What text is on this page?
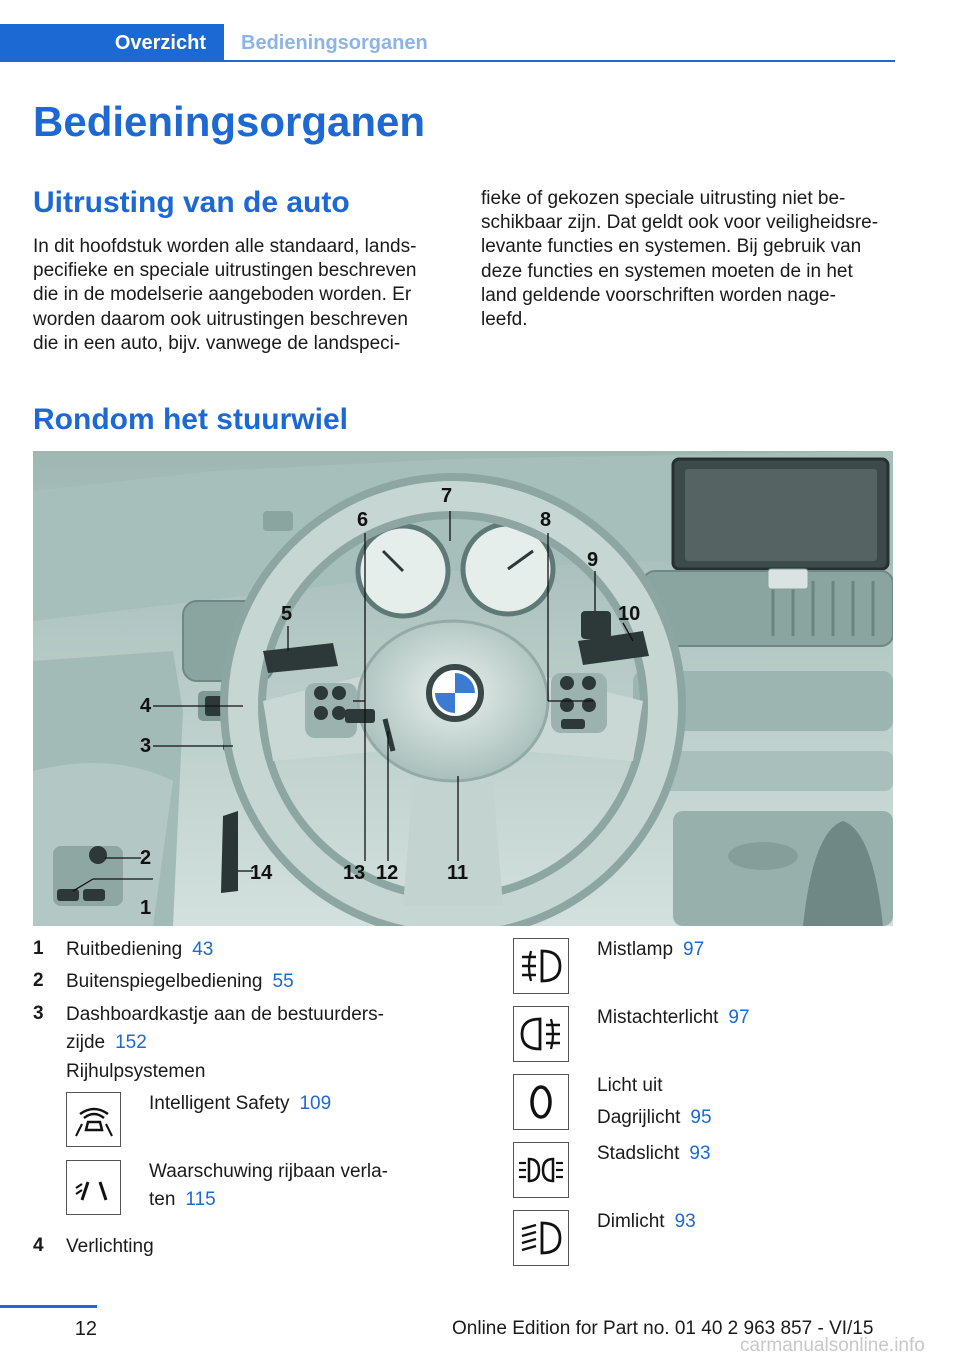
Overzicht	Bedieningsorganen
Bedieningsorganen
Uitrusting van de auto
In dit hoofdstuk worden alle standaard, lands-
pecifieke en speciale uitrustingen beschreven
die in de modelserie aangeboden worden. Er
worden daarom ook uitrustingen beschreven
die in een auto, bijv. vanwege de landspeci-
fieke of gekozen speciale uitrusting niet be-
schikbaar zijn. Dat geldt ook voor veiligheidsre-
levante functies en systemen. Bij gebruik van
deze functies en systemen moeten de in het
land geldende voorschriften worden nage-
leefd.
Rondom het stuurwiel
1
2
3
4
5
6
7
8
9
10
11
12
13
14
1 Ruitbediening 43
2 Buitenspiegelbediening 55
3 Dashboardkastje aan de bestuurders-
zijde 152
Rijhulpsystemen
Intelligent Safety 109
Waarschuwing rijbaan verla-
ten 115
4 Verlichting
Mistlamp 97
Mistachterlicht 97
Licht uit
Dagrijlicht 95
Stadslicht 93
Dimlicht 93
12	Online Edition for Part no. 01 40 2 963 857 - VI/15
carmanualsonline.info
